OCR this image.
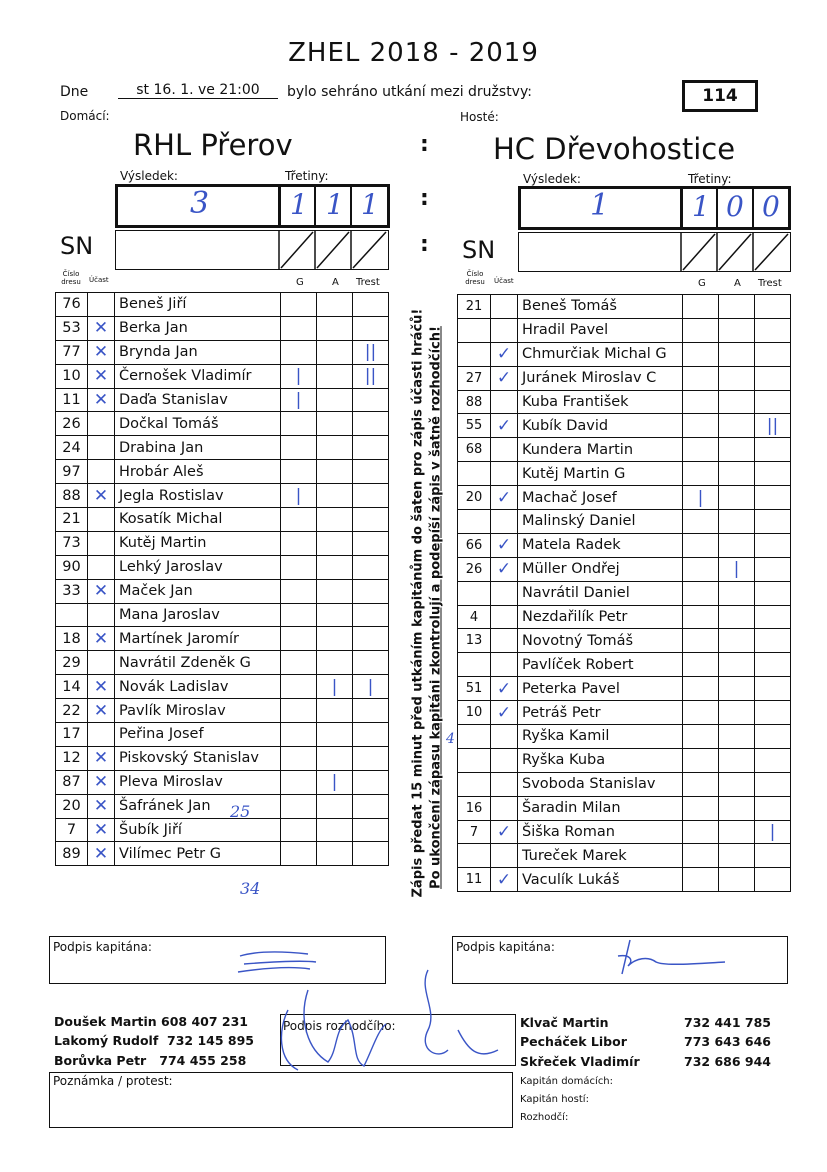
ZHEL 2018 - 2019
Dne	st 16. 1. ve 21:00	bylo sehráno utkání mezi družstvy:	114
Domácí:	Hosté:
RHL Přerov	: HC Dřevohostice
Výsledek:	Třetiny:
3	1 1 1 :
Výsledek:	Třetiny:
1	1 0 0
SN	: SN
Číslo dresu	Účast	G	A Trest
Číslo dresu	Účast	G	A Trest
76		Beneš Jiří			
53	✕	Berka Jan			
77	✕	Brynda Jan			||
10	✕	Černošek Vladimír	|		||
11	✕	Daďa Stanislav	|		
26		Dočkal Tomáš			
24		Drabina Jan			
97		Hrobár Aleš			
88	✕	Jegla Rostislav	|		
21		Kosatík Michal			
73		Kutěj Martin			
90		Lehký Jaroslav			
33	✕	Maček Jan			
		Mana Jaroslav			
18	✕	Martínek Jaromír			
29		Navrátil Zdeněk G			
14	✕	Novák Ladislav		|	|
22	✕	Pavlík Miroslav			
17		Peřina Josef			
12	✕	Piskovský Stanislav			
87	✕	Pleva Miroslav		|	
20	✕	Šafránek Jan			
7	✕	Šubík Jiří			
89	✕	Vilímec Petr G			
21		Beneš Tomáš			
		Hradil Pavel			
	✓	Chmurčiak Michal G			
27	✓	Juránek Miroslav C			
88		Kuba František			
55	✓	Kubík David			||
68		Kundera Martin			
		Kutěj Martin G			
20	✓	Machač Josef	|		
		Malinský Daniel			
66	✓	Matela Radek			
26	✓	Müller Ondřej		|	
		Navrátil Daniel			
4		Nezdařilík Petr			
13		Novotný Tomáš			
		Pavlíček Robert			
51	✓	Peterka Pavel			
10	✓	Petráš Petr			
		Ryška Kamil			
		Ryška Kuba			
		Svoboda Stanislav			
16		Šaradin Milan			
7	✓	Šiška Roman			|
		Tureček Marek			
11	✓	Vaculík Lukáš			
25
34
4
Zápis předat 15 minut před utkáním kapitánům do šaten pro zápis účasti hráčů! Po ukončení zápasu kapitáni zkontrolují a podepíší zápis v šatně rozhodčích!
Podpis kapitána:	Podpis kapitána:
Doušek Martin 608 407 231
Lakomý Rudolf 732 145 895
Borůvka Petr 774 455 258
Podpis rozhodčího:	Klvač Martin	732 441 785
Pecháček Libor	773 643 646
Skřeček Vladimír	732 686 944
Poznámka / protest:	Kapitán domácích:
Kapitán hostí:
Rozhodčí:
